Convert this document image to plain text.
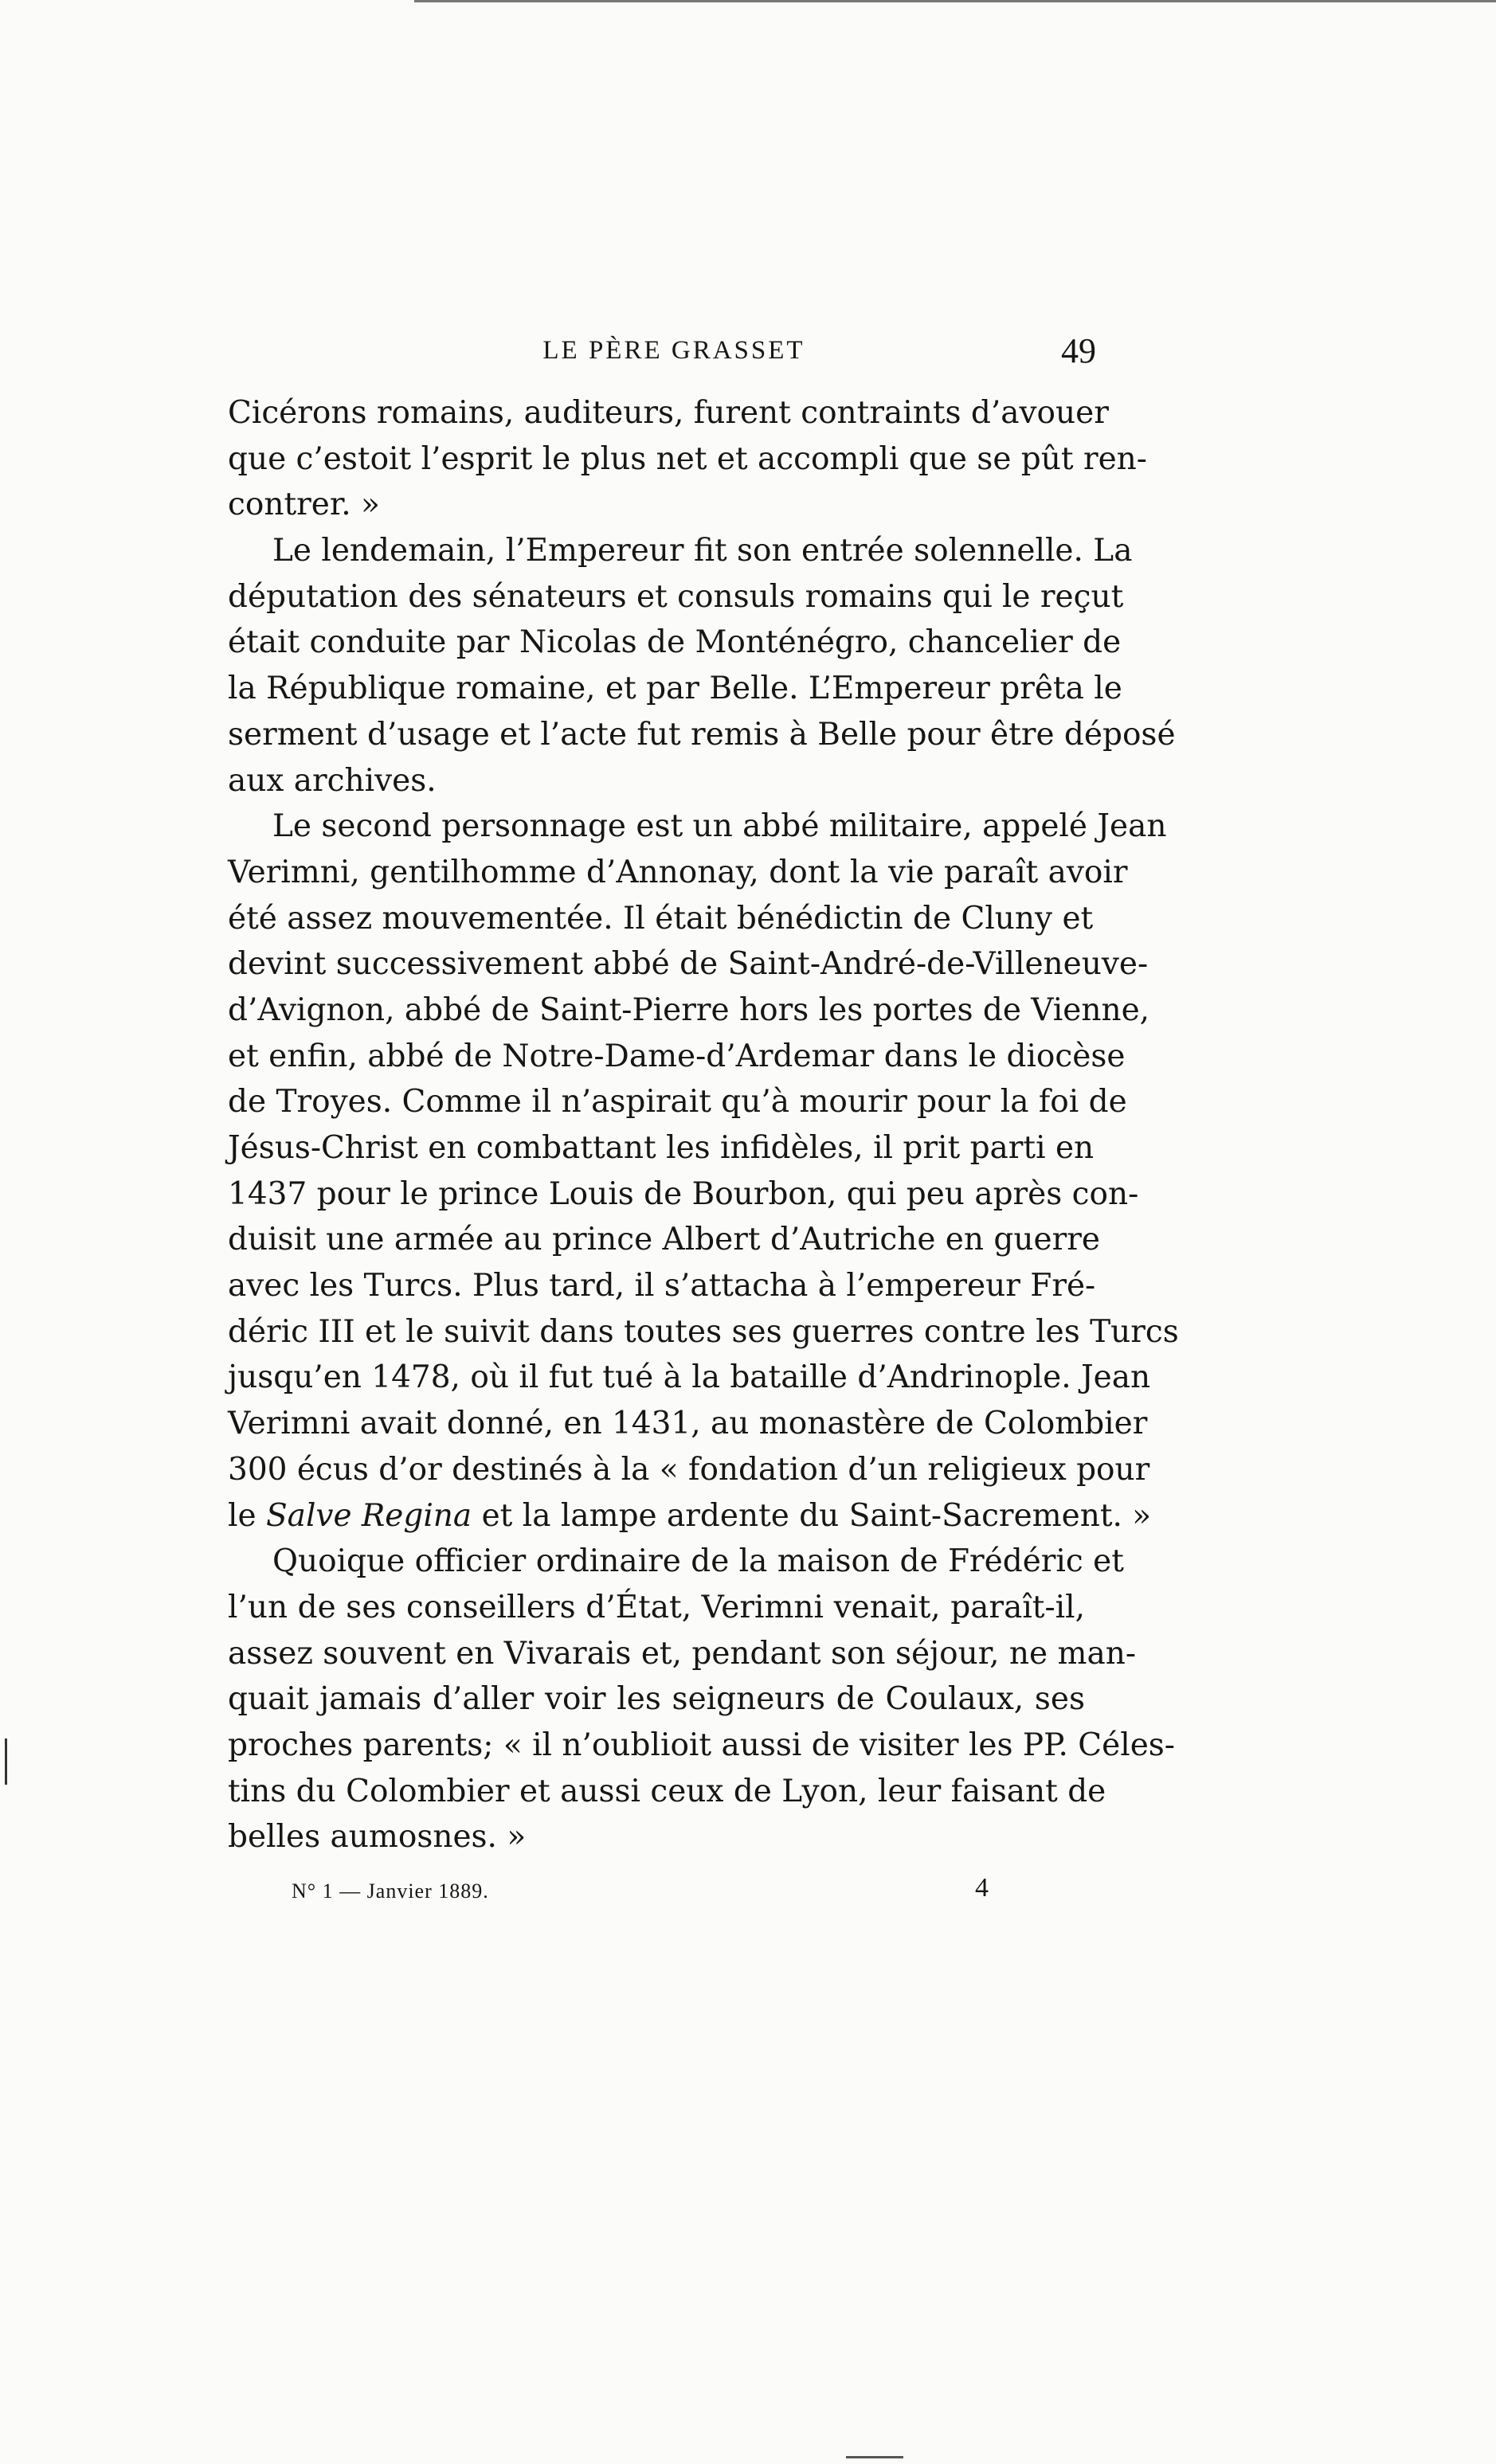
LE PÈRE GRASSET	49
Cicérons romains, auditeurs, furent contraints d’avouer
que c’estoit l’esprit le plus net et accompli que se pût ren-
contrer. »
Le lendemain, l’Empereur fit son entrée solennelle. La
députation des sénateurs et consuls romains qui le reçut
était conduite par Nicolas de Monténégro, chancelier de
la République romaine, et par Belle. L’Empereur prêta le
serment d’usage et l’acte fut remis à Belle pour être déposé
aux archives.
Le second personnage est un abbé militaire, appelé Jean
Verimni, gentilhomme d’Annonay, dont la vie paraît avoir
été assez mouvementée. Il était bénédictin de Cluny et
devint successivement abbé de Saint-André-de-Villeneuve-
d’Avignon, abbé de Saint-Pierre hors les portes de Vienne,
et enfin, abbé de Notre-Dame-d’Ardemar dans le diocèse
de Troyes. Comme il n’aspirait qu’à mourir pour la foi de
Jésus-Christ en combattant les infidèles, il prit parti en
1437 pour le prince Louis de Bourbon, qui peu après con-
duisit une armée au prince Albert d’Autriche en guerre
avec les Turcs. Plus tard, il s’attacha à l’empereur Fré-
déric III et le suivit dans toutes ses guerres contre les Turcs
jusqu’en 1478, où il fut tué à la bataille d’Andrinople. Jean
Verimni avait donné, en 1431, au monastère de Colombier
300 écus d’or destinés à la « fondation d’un religieux pour
le Salve Regina et la lampe ardente du Saint-Sacrement. »
Quoique officier ordinaire de la maison de Frédéric et
l’un de ses conseillers d’État, Verimni venait, paraît-il,
assez souvent en Vivarais et, pendant son séjour, ne man-
quait jamais d’aller voir les seigneurs de Coulaux, ses
proches parents; « il n’oublioit aussi de visiter les PP. Céles-
tins du Colombier et aussi ceux de Lyon, leur faisant de
belles aumosnes. »
N° 1 — Janvier 1889.	4
